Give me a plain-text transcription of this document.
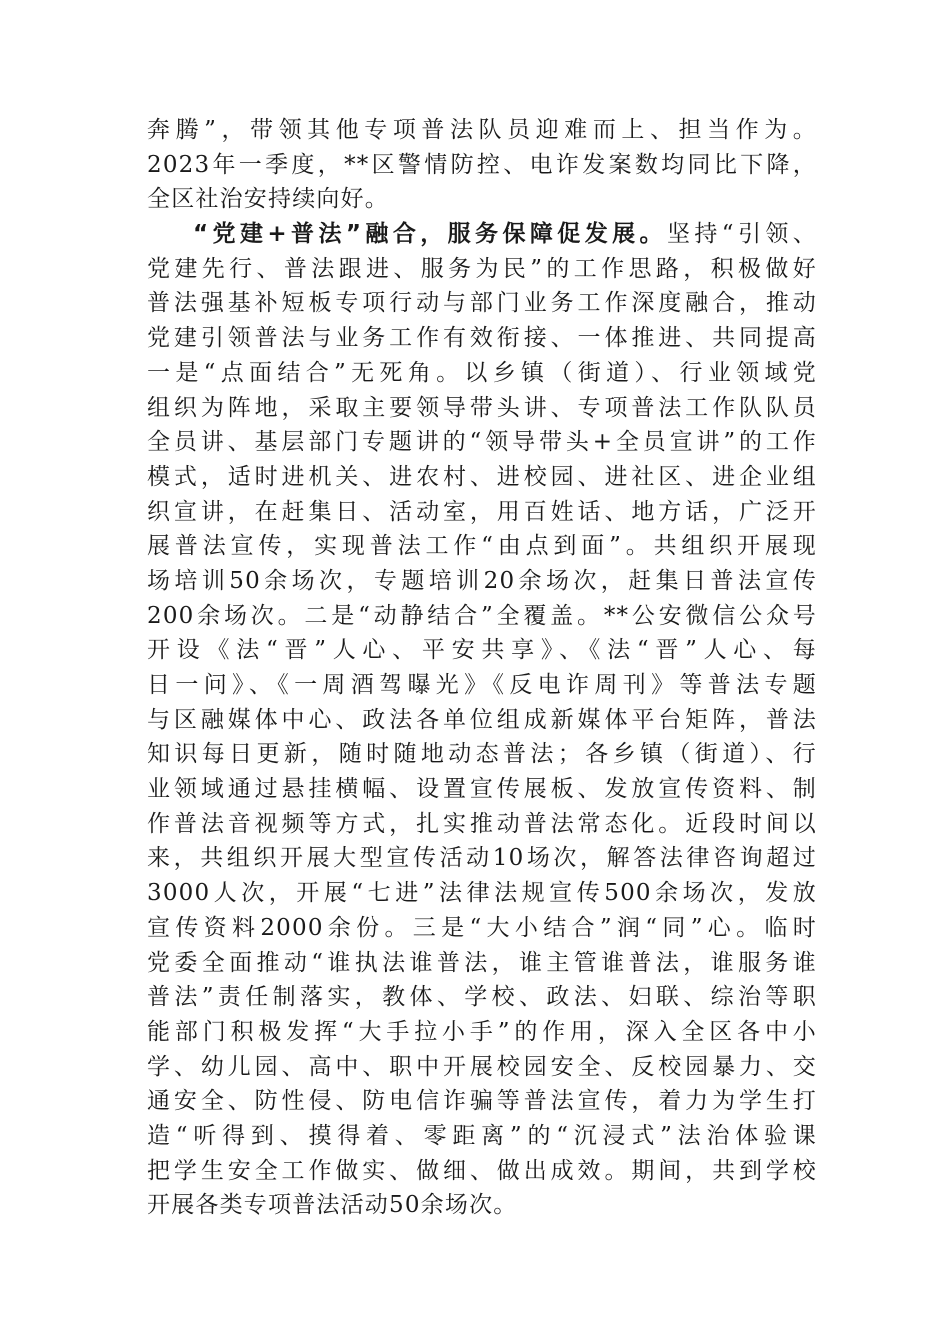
奔腾”，带领其他专项普法队员迎难而上、担当作为。
2023年一季度，**区警情防控、电诈发案数均同比下降，
全区社治安持续向好。
“党建+普法”融合，服务保障促发展。坚持“引领、
党建先行、普法跟进、服务为民”的工作思路，积极做好
普法强基补短板专项行动与部门业务工作深度融合，推动
党建引领普法与业务工作有效衔接、一体推进、共同提高
一是“点面结合”无死角。以乡镇（街道）、行业领域党
组织为阵地，采取主要领导带头讲、专项普法工作队队员
全员讲、基层部门专题讲的“领导带头+全员宣讲”的工作
模式，适时进机关、进农村、进校园、进社区、进企业组
织宣讲，在赶集日、活动室，用百姓话、地方话，广泛开
展普法宣传，实现普法工作“由点到面”。共组织开展现
场培训50余场次，专题培训20余场次，赶集日普法宣传
200余场次。二是“动静结合”全覆盖。**公安微信公众号
开设《法“晋”人心、平安共享》、《法“晋”人心、每
日一问》、《一周酒驾曝光》《反电诈周刊》等普法专题
与区融媒体中心、政法各单位组成新媒体平台矩阵，普法
知识每日更新，随时随地动态普法；各乡镇（街道）、行
业领域通过悬挂横幅、设置宣传展板、发放宣传资料、制
作普法音视频等方式，扎实推动普法常态化。近段时间以
来，共组织开展大型宣传活动10场次，解答法律咨询超过
3000人次，开展“七进”法律法规宣传500余场次，发放
宣传资料2000余份。三是“大小结合”润“同”心。临时
党委全面推动“谁执法谁普法，谁主管谁普法，谁服务谁
普法”责任制落实，教体、学校、政法、妇联、综治等职
能部门积极发挥“大手拉小手”的作用，深入全区各中小
学、幼儿园、高中、职中开展校园安全、反校园暴力、交
通安全、防性侵、防电信诈骗等普法宣传，着力为学生打
造“听得到、摸得着、零距离”的“沉浸式”法治体验课
把学生安全工作做实、做细、做出成效。期间，共到学校
开展各类专项普法活动50余场次。
